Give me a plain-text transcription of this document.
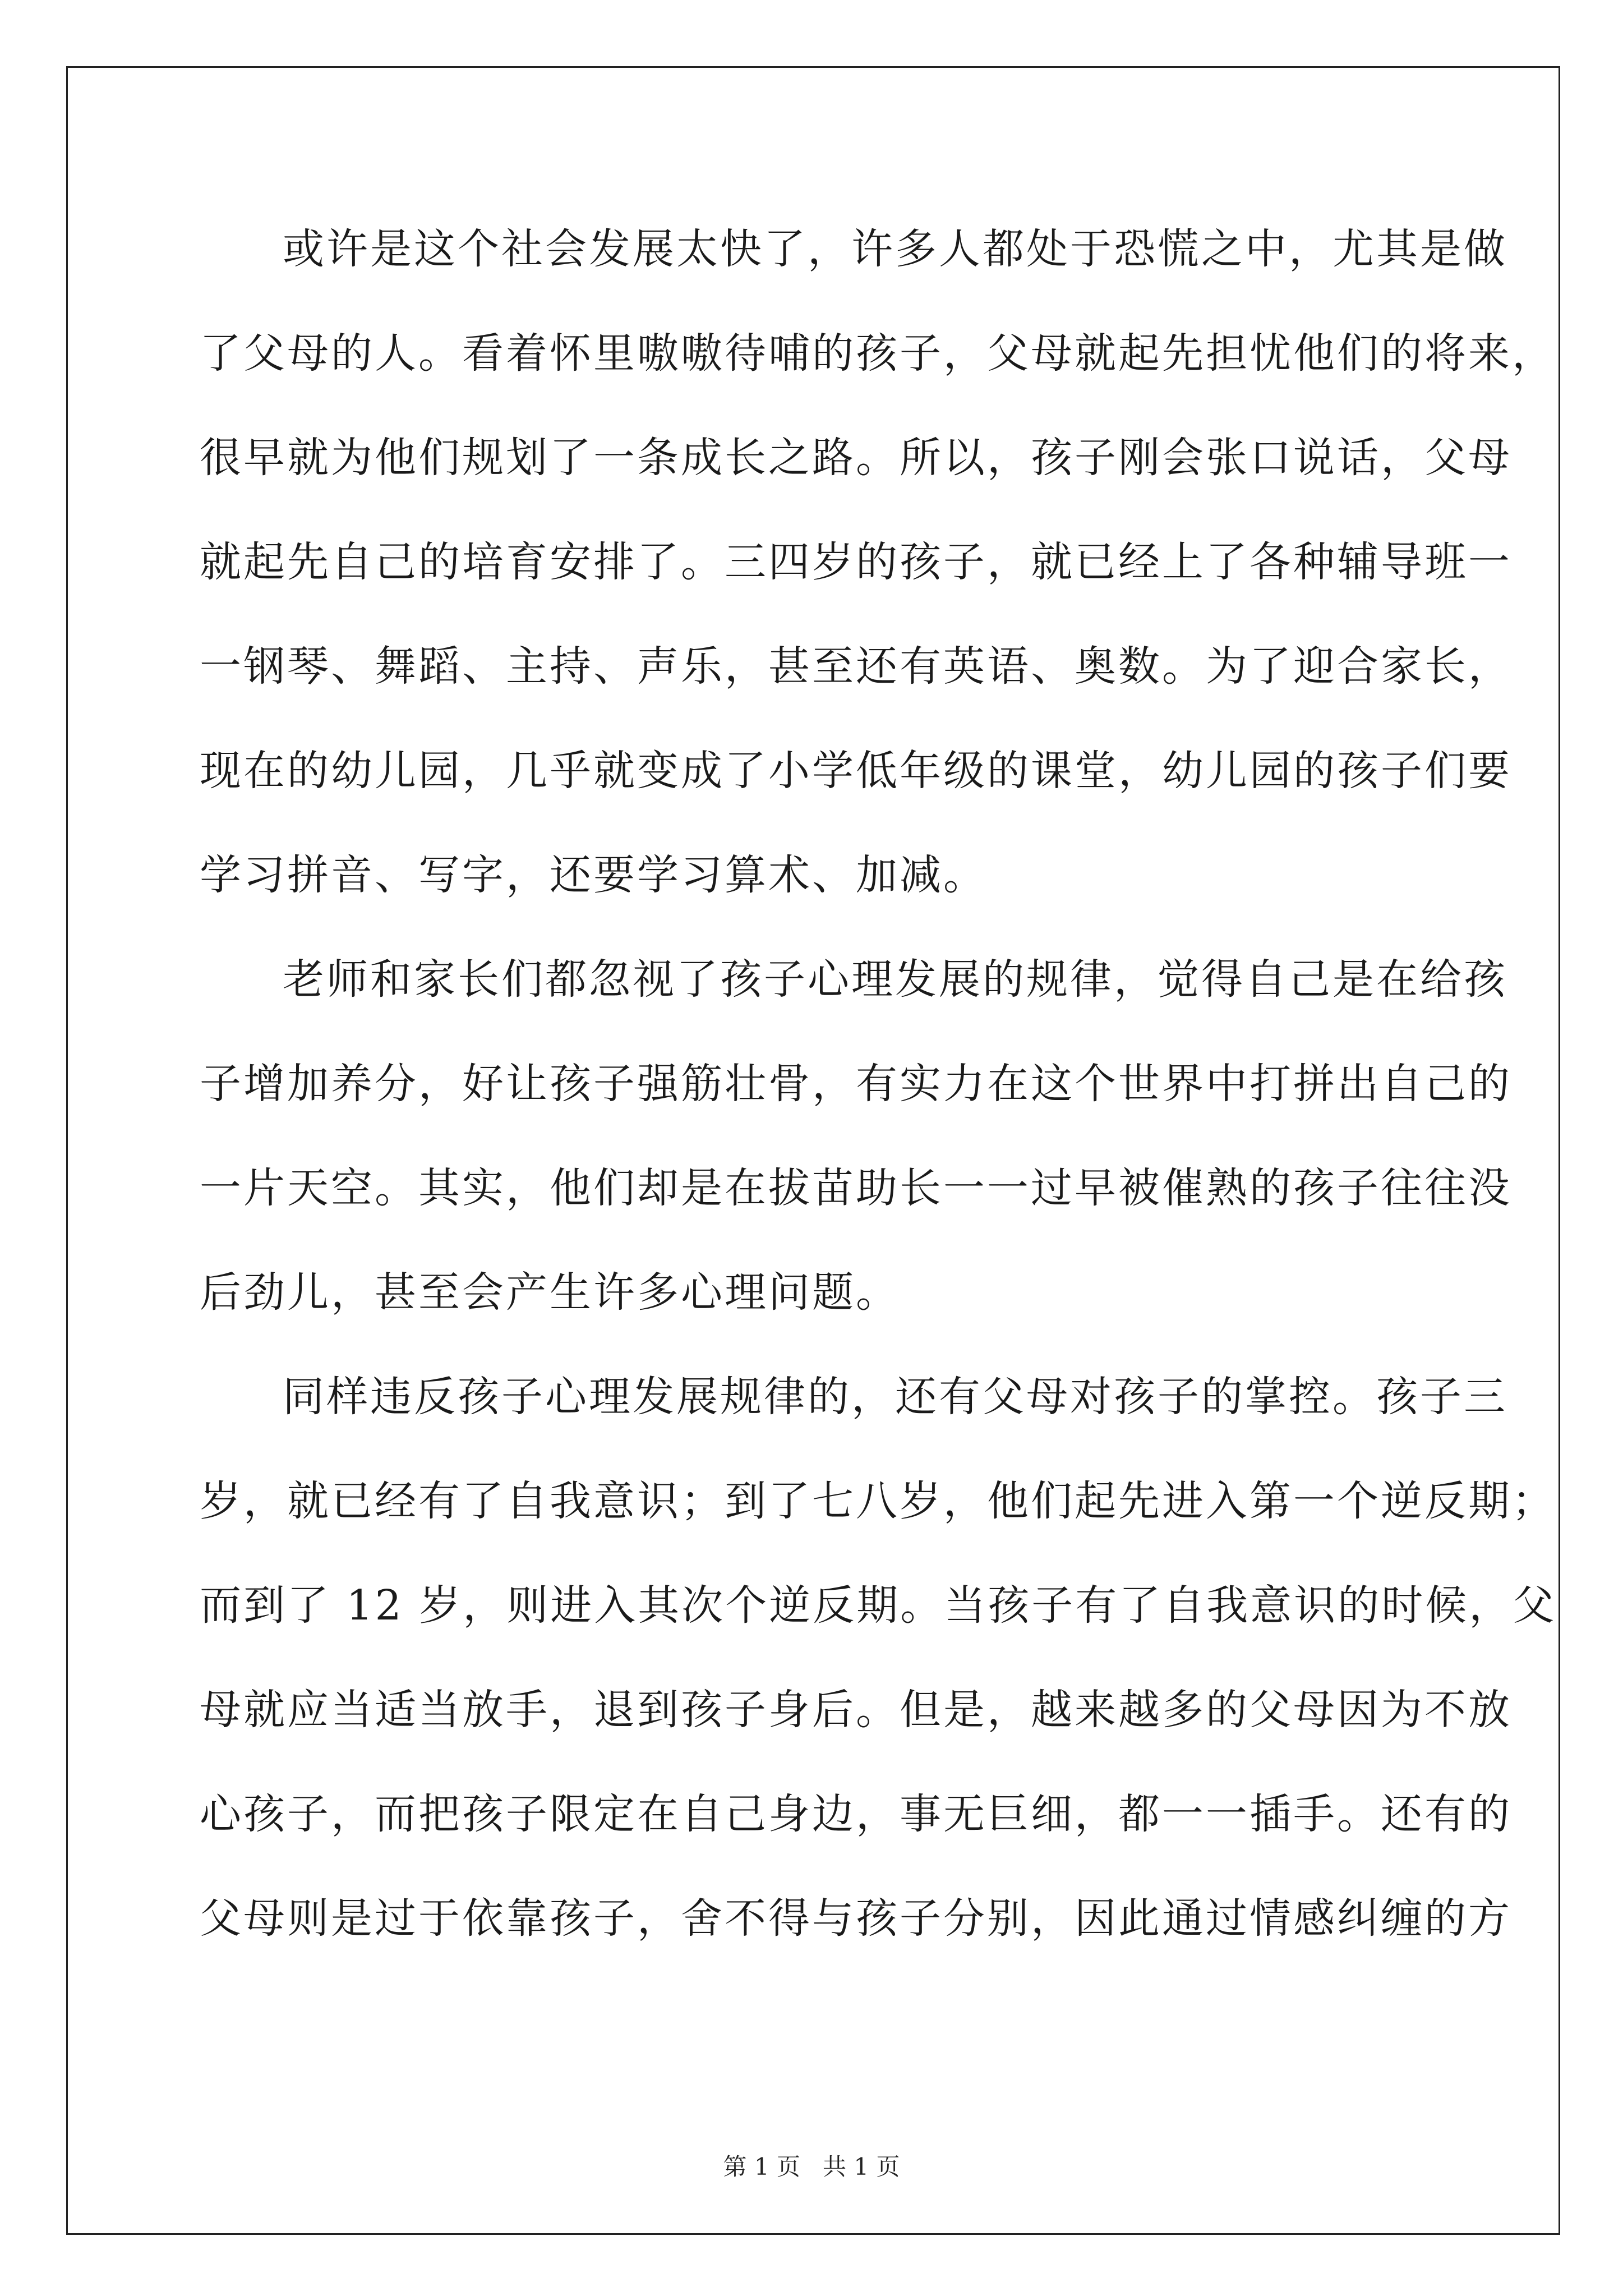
或许是这个社会发展太快了，许多人都处于恐慌之中，尤其是做
了父母的人。看着怀里嗷嗷待哺的孩子，父母就起先担忧他们的将来，
很早就为他们规划了一条成长之路。所以，孩子刚会张口说话，父母
就起先自己的培育安排了。三四岁的孩子，就已经上了各种辅导班一
一钢琴、舞蹈、主持、声乐，甚至还有英语、奥数。为了迎合家长，
现在的幼儿园，几乎就变成了小学低年级的课堂，幼儿园的孩子们要
学习拼音、写字，还要学习算术、加减。
老师和家长们都忽视了孩子心理发展的规律，觉得自己是在给孩
子增加养分，好让孩子强筋壮骨，有实力在这个世界中打拼出自己的
一片天空。其实，他们却是在拔苗助长一一过早被催熟的孩子往往没
后劲儿，甚至会产生许多心理问题。
同样违反孩子心理发展规律的，还有父母对孩子的掌控。孩子三
岁，就已经有了自我意识；到了七八岁，他们起先进入第一个逆反期；
而到了 12 岁，则进入其次个逆反期。当孩子有了自我意识的时候，父
母就应当适当放手，退到孩子身后。但是，越来越多的父母因为不放
心孩子，而把孩子限定在自己身边，事无巨细，都一一插手。还有的
父母则是过于依靠孩子，舍不得与孩子分别，因此通过情感纠缠的方
第 1 页   共 1 页
